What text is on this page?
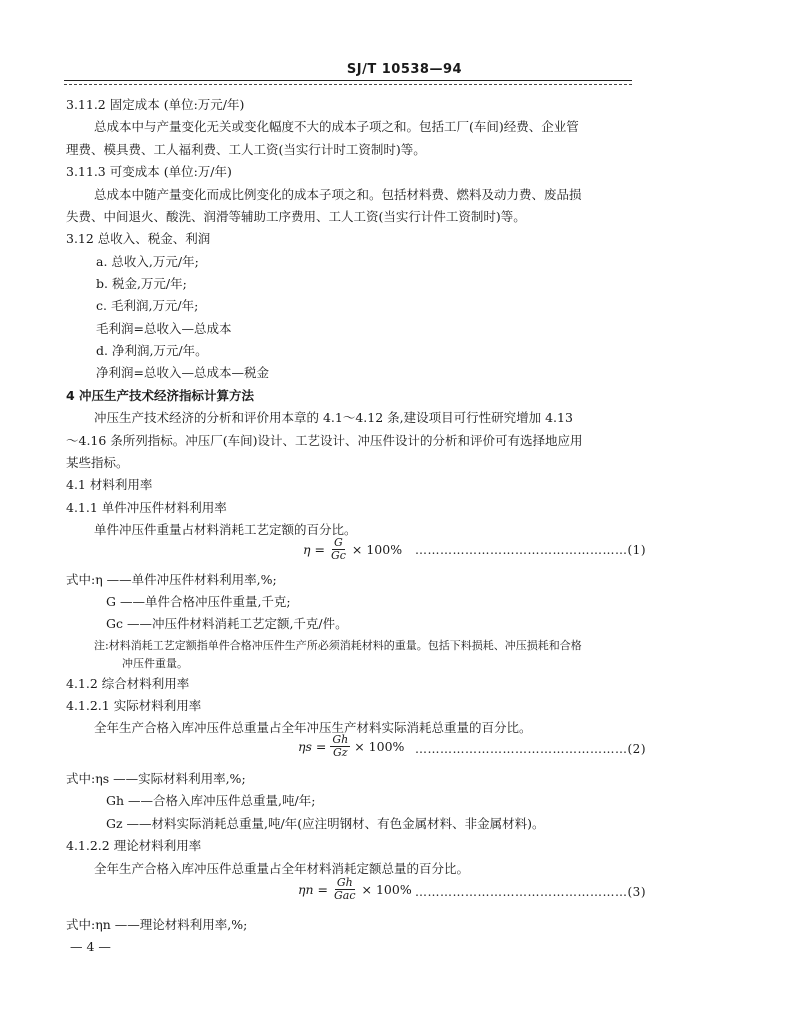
SJ/T 10538—94
3.11.2 固定成本 (单位:万元/年)
总成本中与产量变化无关或变化幅度不大的成本子项之和。包括工厂(车间)经费、企业管
理费、模具费、工人福利费、工人工资(当实行计时工资制时)等。
3.11.3 可变成本 (单位:万/年)
总成本中随产量变化而成比例变化的成本子项之和。包括材料费、燃料及动力费、废品损
失费、中间退火、酸洗、润滑等辅助工序费用、工人工资(当实行计件工资制时)等。
3.12 总收入、税金、利润
a. 总收入,万元/年;
b. 税金,万元/年;
c. 毛利润,万元/年;
毛利润=总收入—总成本
d. 净利润,万元/年。
净利润=总收入—总成本—税金
4 冲压生产技术经济指标计算方法
冲压生产技术经济的分析和评价用本章的 4.1～4.12 条,建设项目可行性研究增加 4.13
～4.16 条所列指标。冲压厂(车间)设计、工艺设计、冲压件设计的分析和评价可有选择地应用
某些指标。
4.1 材料利用率
4.1.1 单件冲压件材料利用率
单件冲压件重量占材料消耗工艺定额的百分比。
$\eta = \frac{G}{Gc} \times 100\%$ ……………………………………………(1)
式中:η ——单件冲压件材料利用率,%;
G ——单件合格冲压件重量,千克;
Gc ——冲压件材料消耗工艺定额,千克/件。
注:材料消耗工艺定额指单件合格冲压件生产所必须消耗材料的重量。包括下料损耗、冲压损耗和合格
冲压件重量。
4.1.2 综合材料利用率
4.1.2.1 实际材料利用率
全年生产合格入库冲压件总重量占全年冲压生产材料实际消耗总重量的百分比。
$\eta s = \frac{Gh}{Gz} \times 100\%$ ……………………………………………(2)
式中:ηs ——实际材料利用率,%;
Gh ——合格入库冲压件总重量,吨/年;
Gz ——材料实际消耗总重量,吨/年(应注明钢材、有色金属材料、非金属材料)。
4.1.2.2 理论材料利用率
全年生产合格入库冲压件总重量占全年材料消耗定额总量的百分比。
$\eta n = \frac{Gh}{\text{Gac}} \times 100\%$ ……………………………………………(3)
式中:ηn ——理论材料利用率,%;
— 4 —
